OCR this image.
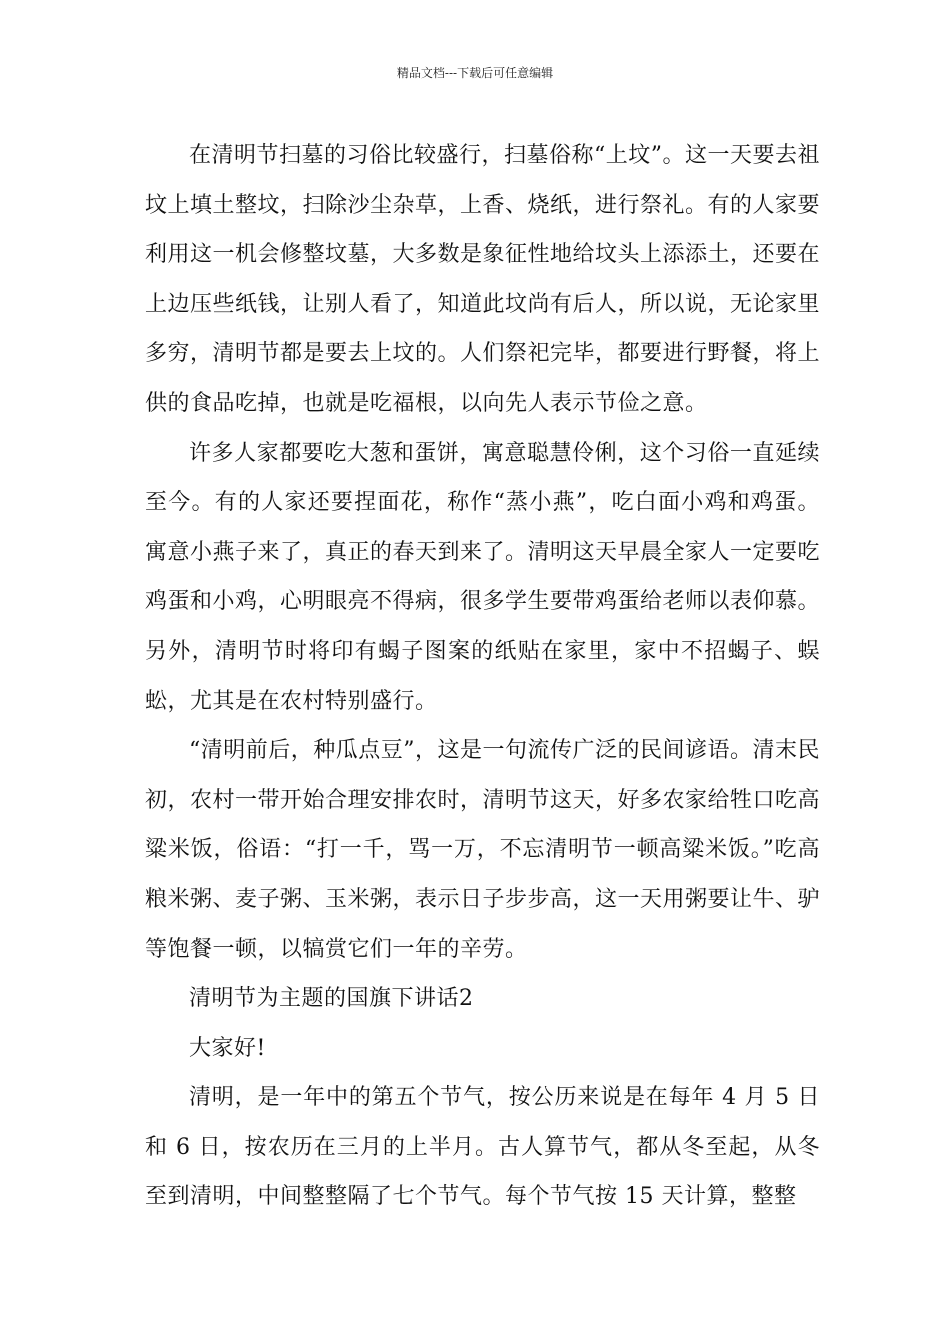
精品文档---下载后可任意编辑

在清明节扫墓的习俗比较盛行，扫墓俗称“上坟”。这一天要去祖坟上填土整坟，扫除沙尘杂草，上香、烧纸，进行祭礼。有的人家要利用这一机会修整坟墓，大多数是象征性地给坟头上添添土，还要在上边压些纸钱，让别人看了，知道此坟尚有后人，所以说，无论家里多穷，清明节都是要去上坟的。人们祭祀完毕，都要进行野餐，将上供的食品吃掉，也就是吃福根，以向先人表示节俭之意。

许多人家都要吃大葱和蛋饼，寓意聪慧伶俐，这个习俗一直延续至今。有的人家还要捏面花，称作“蒸小燕”，吃白面小鸡和鸡蛋。寓意小燕子来了，真正的春天到来了。清明这天早晨全家人一定要吃鸡蛋和小鸡，心明眼亮不得病，很多学生要带鸡蛋给老师以表仰慕。另外，清明节时将印有蝎子图案的纸贴在家里，家中不招蝎子、蜈蚣，尤其是在农村特别盛行。

“清明前后，种瓜点豆”，这是一句流传广泛的民间谚语。清末民初，农村一带开始合理安排农时，清明节这天，好多农家给牲口吃高粱米饭，俗语：“打一千，骂一万，不忘清明节一顿高粱米饭。”吃高粮米粥、麦子粥、玉米粥，表示日子步步高，这一天用粥要让牛、驴等饱餐一顿，以犒赏它们一年的辛劳。

清明节为主题的国旗下讲话2

大家好!

清明，是一年中的第五个节气，按公历来说是在每年 4 月 5 日和 6 日，按农历在三月的上半月。古人算节气，都从冬至起，从冬至到清明，中间整整隔了七个节气。每个节气按 15 天计算，整整
